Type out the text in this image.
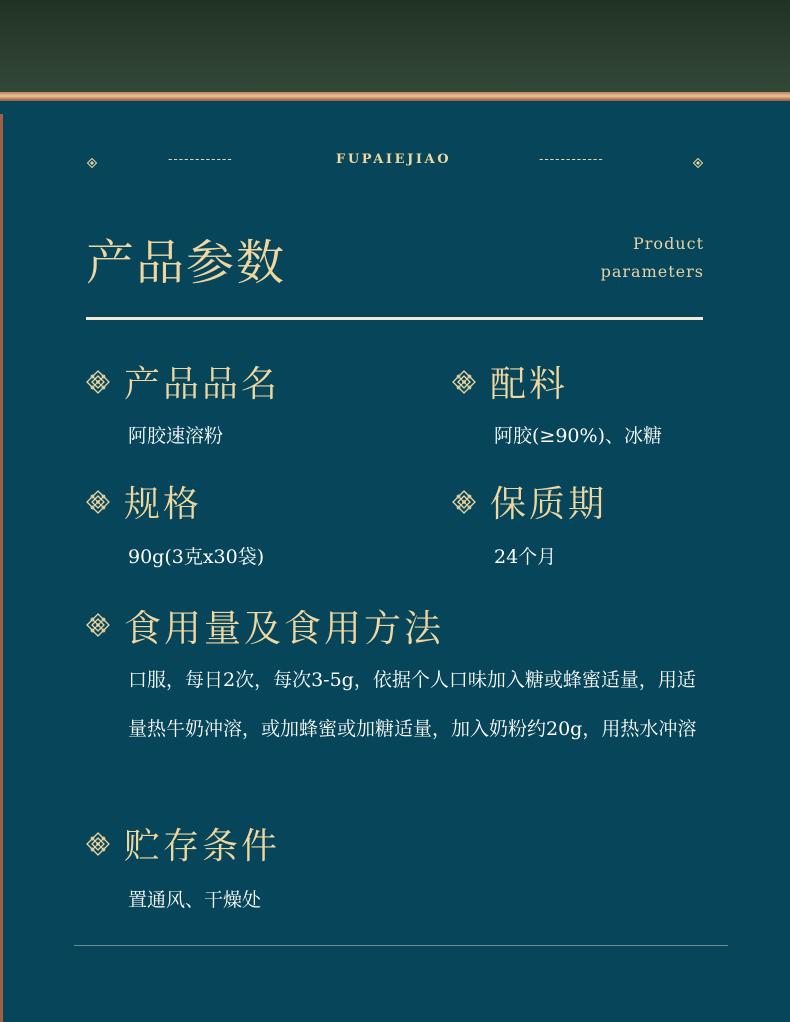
------------	FUPAIEJIAO	------------
产品参数	Product
parameters
产品品名
阿胶速溶粉
配料
阿胶(≥90%)、冰糖
规格
90g(3克x30袋)
保质期
24个月
食用量及食用方法
口服，每日2次，每次3-5g，依据个人口味加入糖或蜂蜜适量，用适量热牛奶冲溶，或加蜂蜜或加糖适量，加入奶粉约20g，用热水冲溶
贮存条件
置通风、干燥处
